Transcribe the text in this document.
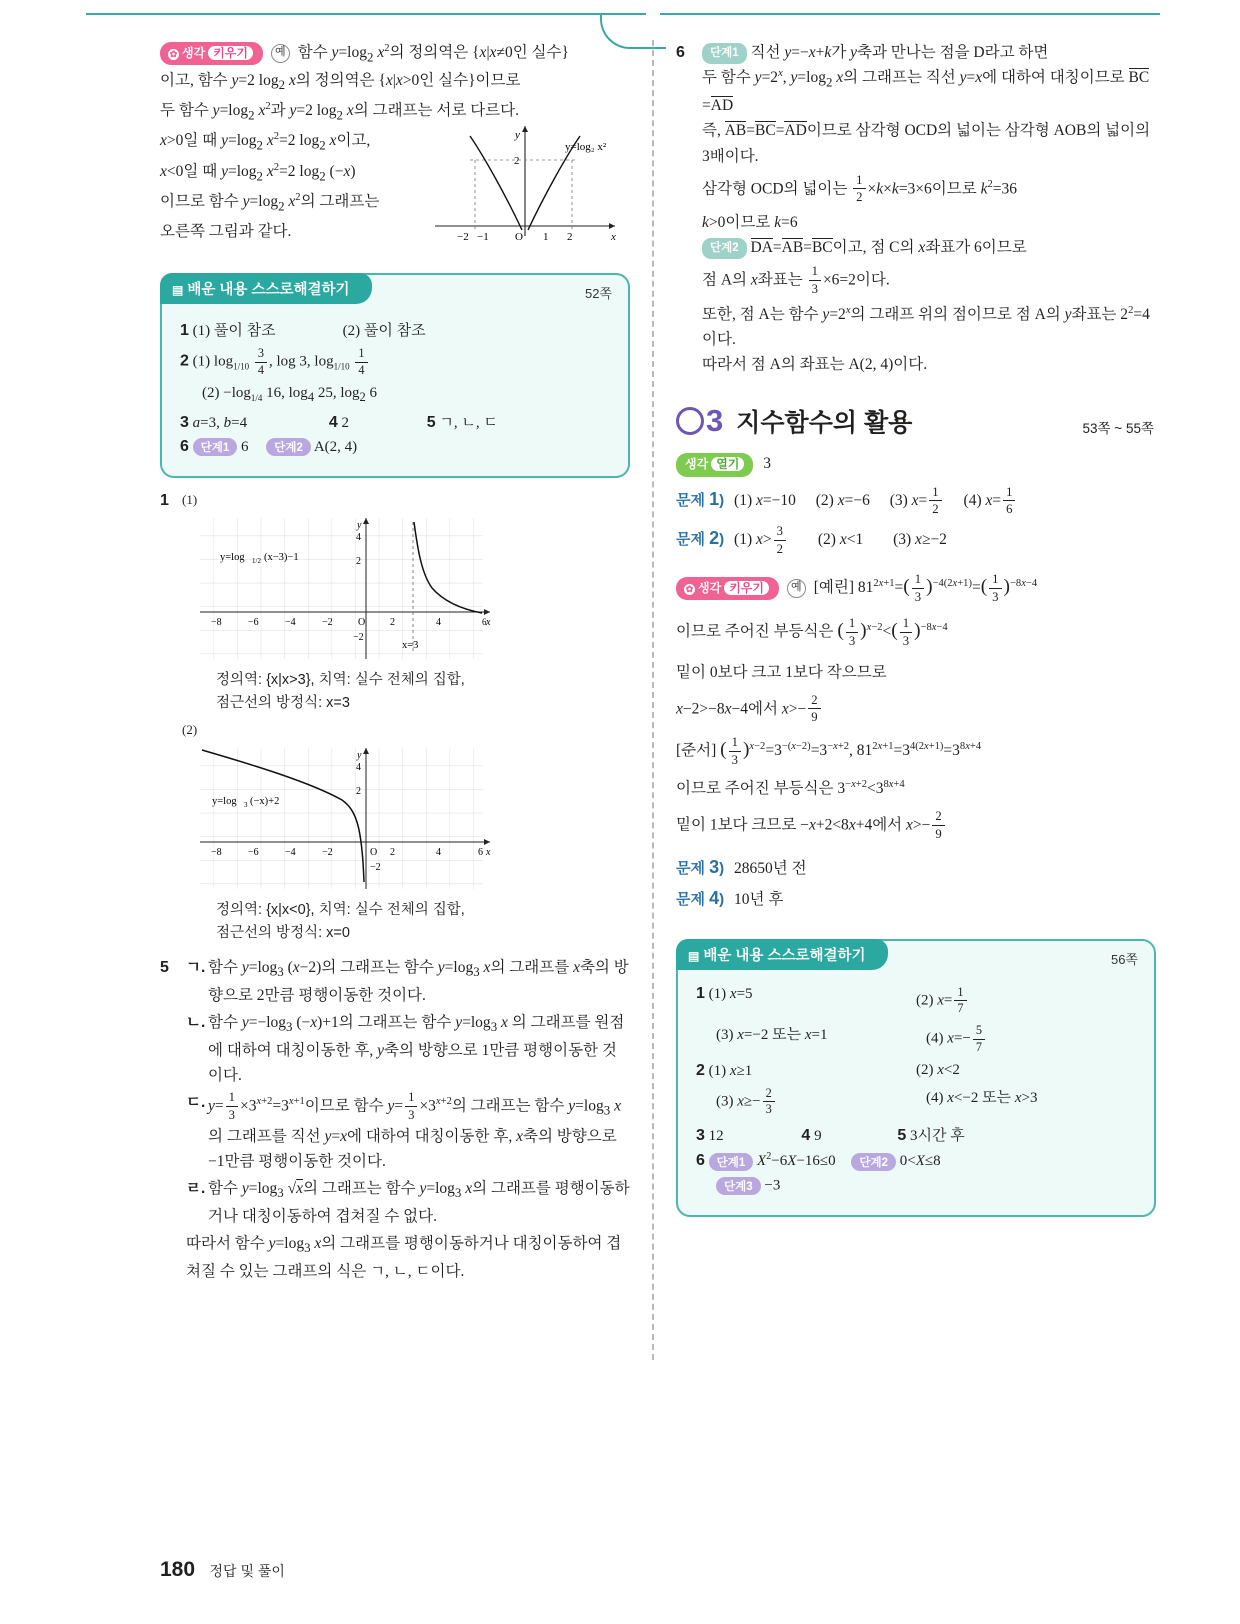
✿ 생각 키우기 예 함수 $y=\log_2$ $x^2$의 정의역은 {x|x≠0인 실수}
이고, 함수 y=2 $\log_2 x$의 정의역은 {x|x>0인 실수}이므로
두 함수 $y=\log_2$ $x^2$과 y=2 $\log_2 x$의 그래프는 서로 다르다.
x>0일 때 $y=\log_2$ $x^2=2$ $\log_2 x$이고,
x<0일 때 $y=\log_2$ $x^2=2$ $\log_2 (-x)$
이므로 함수 $y=\log_2$ $x^2$의 그래프는
오른쪽 그림과 같다.
y
x
2
O
−2 −1	1 2
y=log₂ x²
▤ 배운 내용 스스로해결하기	52쪽
1 (1) 풀이 참조	(2) 풀이 참조
2 (1) $\log_{1/10} \frac{3}{4}$ , log 3, $\log_{1/10} \frac{1}{4}$
$(2) -\log_{1/4}$ 16, $\log_4 25$, $\log_2 6$
3 a=3, b=4	4 2	5 ㄱ, ㄴ, ㄷ
6 단계1 6 단계2 A(2, 4)
1 (1)
y
x
4
2
−2
O
−8	−6	−4	−2	2	4	6
y=log 1/2 (x−3)−1
x=3
정의역: {x|x>3}, 치역: 실수 전체의 집합,
점근선의 방정식: x=3
(2)
y
x
4
2
−2
O
−8	−6	−4	−2	2	4	6
y=log 3 (−x)+2
정의역: {x|x<0}, 치역: 실수 전체의 집합,
점근선의 방정식: x=0
5 ㄱ. 함수 $y=\log_3$ (x−2)의 그래프는 함수 $y=\log_3$ x의 그래프를 x축의 방향으로 2만큼 평행이동한 것이다.
ㄴ. 함수 $y=-\log_3$ (−x)+1의 그래프는 함수 $y=\log_3$ x 의 그래프를 원점에 대하여 대칭이동한 후, y축의 방향으로 1만큼 평행이동한 것이다.
ㄷ. $y= \frac{1}{3} \times 3^{x+2}=3^{x+1}$이므로 함수 $y= \frac{1}{3} \times 3^{x+2}$의 그래프는 함수 $y=\log_3$ x의 그래프를 직선 y=x에 대하여 대칭이동한 후, x축의 방향으로 −1만큼 평행이동한 것이다.
ㄹ. 함수 $y=\log_3$ √x의 그래프는 함수 $y=\log_3$ x의 그래프를 평행이동하거나 대칭이동하여 겹쳐질 수 없다.
따라서 함수 $y=\log_3$ x의 그래프를 평행이동하거나 대칭이동하여 겹쳐질 수 있는 그래프의 식은 ㄱ, ㄴ, ㄷ이다.
6	단계1 직선 y=−x+k가 y축과 만나는 점을 D라고 하면
두 함수 $y=2^x$, $y=\log_2$ x의 그래프는 직선 y=x에 대하여 대칭이므로 BC=AD
즉, AB=BC=AD이므로 삼각형 OCD의 넓이는 삼각형 AOB의 넓이의 3배이다.
삼각형 OCD의 넓이는 $\frac{1}{2} \times k\times k=3\times 6$이므로 $k^2=36$
k>0이므로 k=6
단계2 DA=AB=BC이고, 점 C의 x좌표가 6이므로
점 A의 x좌표는 $\frac{1}{3} \times 6=2$이다.
또한, 점 A는 함수 $y=2^x$의 그래프 위의 점이므로 점 A의 y좌표는 $2^2=4$이다.
따라서 점 A의 좌표는 A(2, 4)이다.
3 지수함수의 활용	53쪽 ~ 55쪽
생각 열기 3
문제 1) (1) x=−10 (2) x=−6 (3) $x= \frac{1}{2} (4)$ $x= \frac{1}{6}$
문제 2) (1) $x> \frac{3}{2} (2)$ x<1 (3) x≥−2
✿ 생각 키우기 예 [예린] $81^{2x+1}=( \frac{1}{3} )^{-4(2x+1)}=( \frac{1}{3} )^{-8x-4}$
이므로 주어진 부등식은 ( $\frac{1}{3} )^{x-2}<( \frac{1}{3} )^{-8x-4}$
밑이 0보다 크고 1보다 작으므로
x−2>−8x−4에서 $x>- \frac{2}{9}$
[준서] ( $\frac{1}{3} )^{x-2}=3^{-(x-2)}=3^{-x+2}$, $81^{2x+1}=3^{4(2x+1)}=3^{8x+4}$
이므로 주어진 부등식은 $3^{-x+2}<3^{8x+4}$
밑이 1보다 크므로 −x+2<8x+4에서 $x>- \frac{2}{9}$
문제 3) 28650년 전
문제 4) 10년 후
▤ 배운 내용 스스로해결하기	56쪽
1 (1) x=5	(2) $x= \frac{1}{7}$
(3) x=−2 또는 x=1	(4) $x=- \frac{5}{7}$
2 (1) x≥1	(2) x<2
(3) $x\ge- \frac{2}{3}$	(4) x<−2 또는 x>3
3 12	4 9	5 3시간 후
6 단계1 $X^2-6X-16\le 0$ 단계2 0<X≤8
단계3 −3
180 정답 및 풀이
